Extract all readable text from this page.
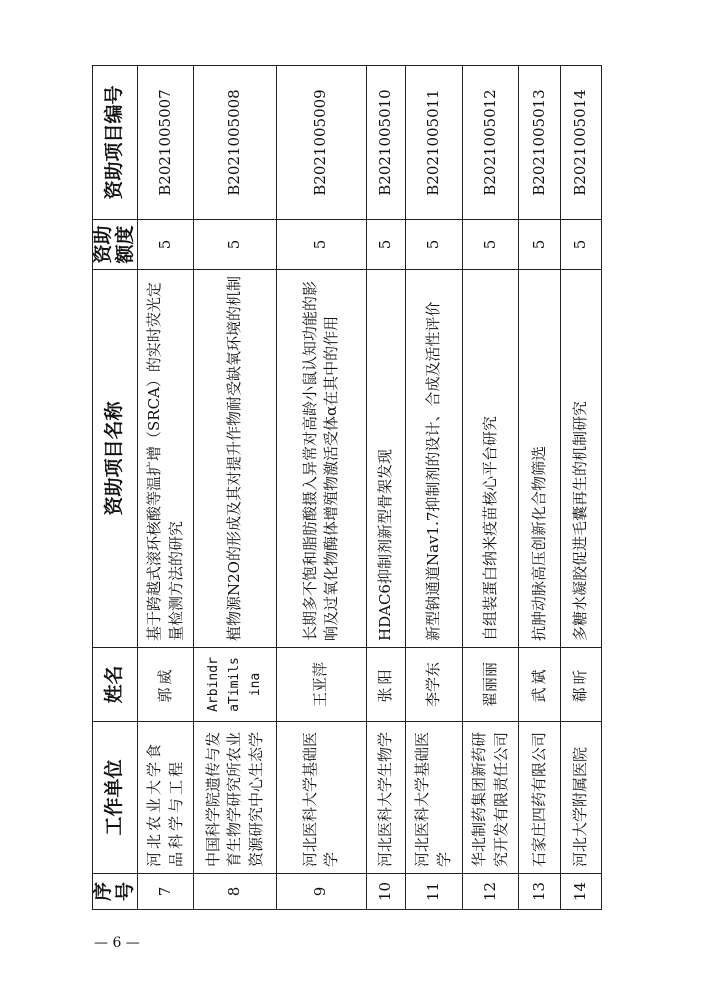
序号	工作单位	姓名	资助项目名称	资助额度	资助项目编号
7	河北农业大学食品科学与工程	郭威	基于跨越式滚环核酸等温扩增（SRCA）的实时荧光定量检测方法的研究	5	B2021005007
8	中国科学院遗传与发育生物学研究所农业资源研究中心生态学	ArbindraTimilsina	植物源N2O的形成及其对提升作物耐受缺氧环境的机制	5	B2021005008
9	河北医科大学基础医学	王亚萍	长期多不饱和脂肪酸摄入异常对高龄小鼠认知功能的影响及过氧化物酶体增殖物激活受体α在其中的作用	5	B2021005009
10	河北医科大学生物学	张阳	HDAC6抑制剂新型骨架发现	5	B2021005010
11	河北医科大学基础医学	李学东	新型钠通道Nav1.7抑制剂的设计、合成及活性评价	5	B2021005011
12	华北制药集团新药研究开发有限责任公司	翟丽丽	自组装蛋白纳米疫苗核心平台研究	5	B2021005012
13	石家庄四药有限公司	武斌	抗肿动脉高压创新化合物筛选	5	B2021005013
14	河北大学附属医院	郗昕	多糖水凝胶促进毛囊再生的机制研究	5	B2021005014
— 6 —
